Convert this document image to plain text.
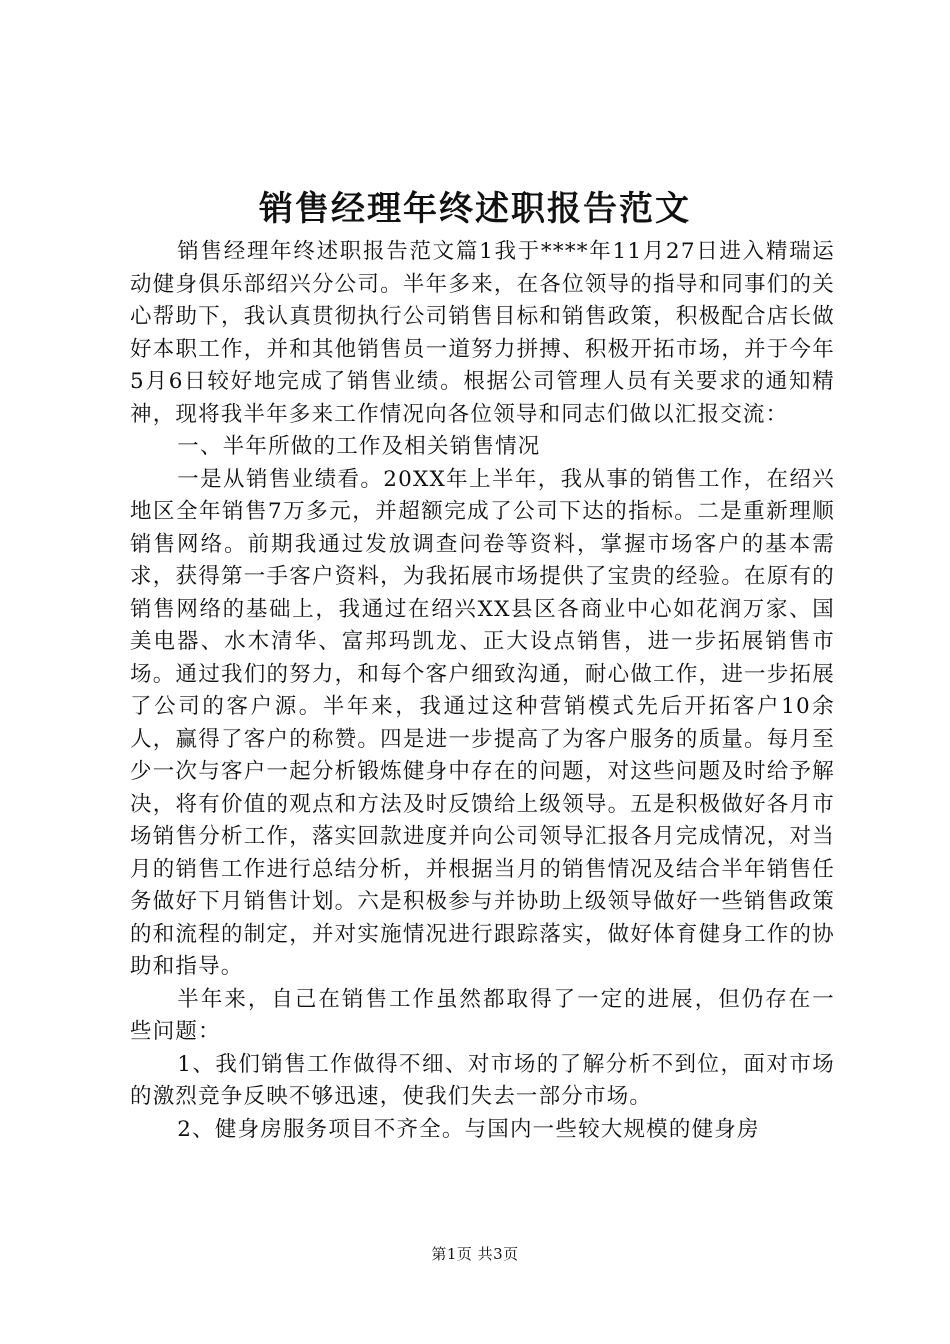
销售经理年终述职报告范文

销售经理年终述职报告范文篇1我于****年11月27日进入精瑞运动健身俱乐部绍兴分公司。半年多来，在各位领导的指导和同事们的关心帮助下，我认真贯彻执行公司销售目标和销售政策，积极配合店长做好本职工作，并和其他销售员一道努力拼搏、积极开拓市场，并于今年5月6日较好地完成了销售业绩。根据公司管理人员有关要求的通知精神，现将我半年多来工作情况向各位领导和同志们做以汇报交流：

一、半年所做的工作及相关销售情况

一是从销售业绩看。20XX年上半年，我从事的销售工作，在绍兴地区全年销售7万多元，并超额完成了公司下达的指标。二是重新理顺销售网络。前期我通过发放调查问卷等资料，掌握市场客户的基本需求，获得第一手客户资料，为我拓展市场提供了宝贵的经验。在原有的销售网络的基础上，我通过在绍兴XX县区各商业中心如花润万家、国美电器、水木清华、富邦玛凯龙、正大设点销售，进一步拓展销售市场。通过我们的努力，和每个客户细致沟通，耐心做工作，进一步拓展了公司的客户源。半年来，我通过这种营销模式先后开拓客户10余人，赢得了客户的称赞。四是进一步提高了为客户服务的质量。每月至少一次与客户一起分析锻炼健身中存在的问题，对这些问题及时给予解决，将有价值的观点和方法及时反馈给上级领导。五是积极做好各月市场销售分析工作，落实回款进度并向公司领导汇报各月完成情况，对当月的销售工作进行总结分析，并根据当月的销售情况及结合半年销售任务做好下月销售计划。六是积极参与并协助上级领导做好一些销售政策的和流程的制定，并对实施情况进行跟踪落实，做好体育健身工作的协助和指导。

半年来，自己在销售工作虽然都取得了一定的进展，但仍存在一些问题：

1、我们销售工作做得不细、对市场的了解分析不到位，面对市场的激烈竞争反映不够迅速，使我们失去一部分市场。

2、健身房服务项目不齐全。与国内一些较大规模的健身房

第1页 共3页
